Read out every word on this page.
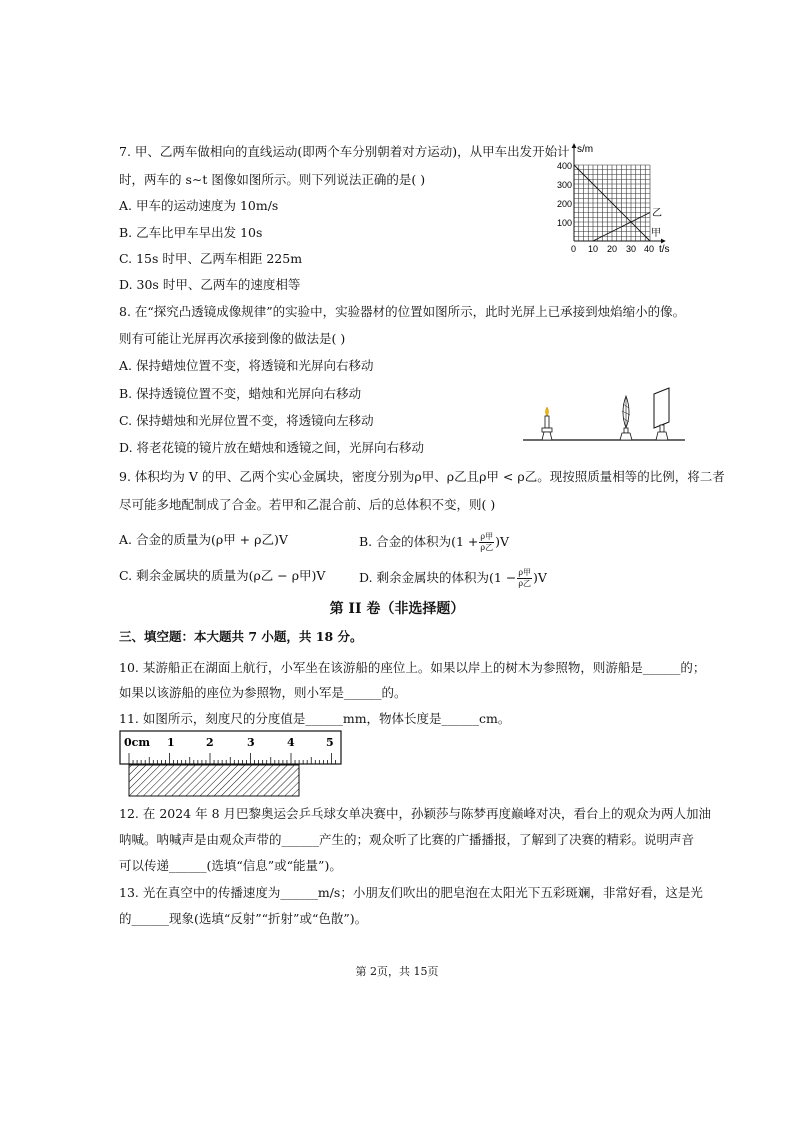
7. 甲、乙两车做相向的直线运动(即两个车分别朝着对方运动)，从甲车出发开始计
时，两车的 s∼t 图像如图所示。则下列说法正确的是( )
A. 甲车的运动速度为 10m/s
B. 乙车比甲车早出发 10s
C. 15s 时甲、乙两车相距 225m
D. 30s 时甲、乙两车的速度相等
s/m
t/s
400
300
200
100
0 10 20 30 40
乙
甲
8. 在“探究凸透镜成像规律”的实验中，实验器材的位置如图所示，此时光屏上已承接到烛焰缩小的像。
则有可能让光屏再次承接到像的做法是( )
A. 保持蜡烛位置不变，将透镜和光屏向右移动
B. 保持透镜位置不变，蜡烛和光屏向右移动
C. 保持蜡烛和光屏位置不变，将透镜向左移动
D. 将老花镜的镜片放在蜡烛和透镜之间，光屏向右移动
9. 体积均为 V 的甲、乙两个实心金属块，密度分别为ρ甲、ρ乙且ρ甲 < ρ乙。现按照质量相等的比例，将二者
尽可能多地配制成了合金。若甲和乙混合前、后的总体积不变，则( )
A. 合金的质量为(ρ甲 + ρ乙)V	B. 合金的体积为$(1 + \frac{\text{ρ甲}}{\text{ρ乙}} )V$
C. 剩余金属块的质量为(ρ乙 − ρ甲)V	D. 剩余金属块的体积为$(1 - \frac{\text{ρ甲}}{\text{ρ乙}} )V$
第 II 卷（非选择题）
三、填空题：本大题共 7 小题，共 18 分。
10. 某游船正在湖面上航行，小军坐在该游船的座位上。如果以岸上的树木为参照物，则游船是______的；
如果以该游船的座位为参照物，则小军是______的。
11. 如图所示，刻度尺的分度值是______mm，物体长度是______cm。
0cm 1	2	3	4	5
12. 在 2024 年 8 月巴黎奥运会乒乓球女单决赛中，孙颖莎与陈梦再度巅峰对决，看台上的观众为两人加油
呐喊。呐喊声是由观众声带的______产生的；观众听了比赛的广播播报，了解到了决赛的精彩。说明声音
可以传递______(选填“信息”或“能量”)。
13. 光在真空中的传播速度为______m/s；小朋友们吹出的肥皂泡在太阳光下五彩斑斓，非常好看，这是光
的______现象(选填“反射”“折射”或“色散”)。
第 2页，共 15页
